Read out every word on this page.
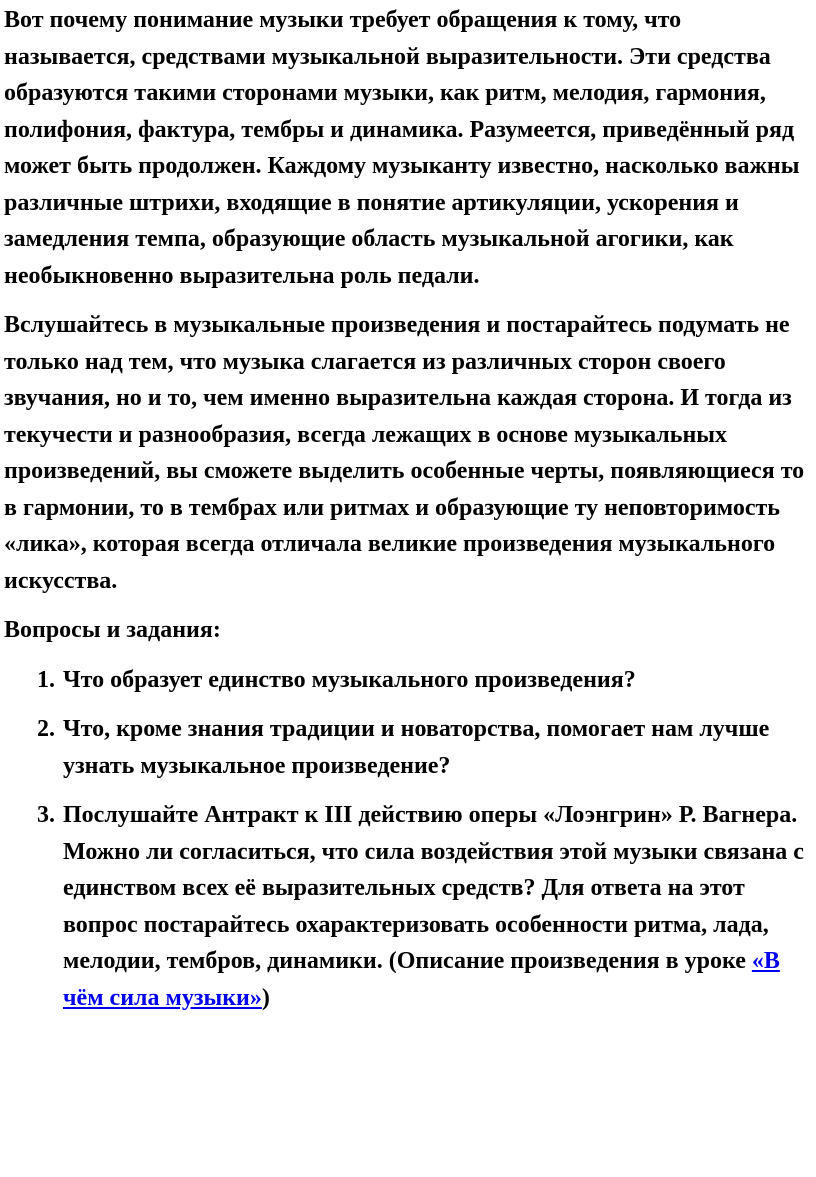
Вот почему понимание музыки требует обращения к тому, что называется, средствами музыкальной выразительности. Эти средства образуются такими сторонами музыки, как ритм, мелодия, гармония, полифония, фактура, тембры и динамика. Разумеется, приведённый ряд может быть продолжен. Каждому музыканту известно, насколько важны различные штрихи, входящие в понятие артикуляции, ускорения и замедления темпа, образующие область музыкальной агогики, как необыкновенно выразительна роль педали.

Вслушайтесь в музыкальные произведения и постарайтесь подумать не только над тем, что музыка слагается из различных сторон своего звучания, но и то, чем именно выразительна каждая сторона. И тогда из текучести и разнообразия, всегда лежащих в основе музыкальных произведений, вы сможете выделить особенные черты, появляющиеся то в гармонии, то в тембрах или ритмах и образующие ту неповторимость «лика», которая всегда отличала великие произведения музыкального искусства.

Вопросы и задания:

1. Что образует единство музыкального произведения?
2. Что, кроме знания традиции и новаторства, помогает нам лучше узнать музыкальное произведение?
3. Послушайте Антракт к III действию оперы «Лоэнгрин» Р. Вагнера. Можно ли согласиться, что сила воздействия этой музыки связана с единством всех её выразительных средств? Для ответа на этот вопрос постарайтесь охарактеризовать особенности ритма, лада, мелодии, тембров, динамики. (Описание произведения в уроке «В чём сила музыки»)
